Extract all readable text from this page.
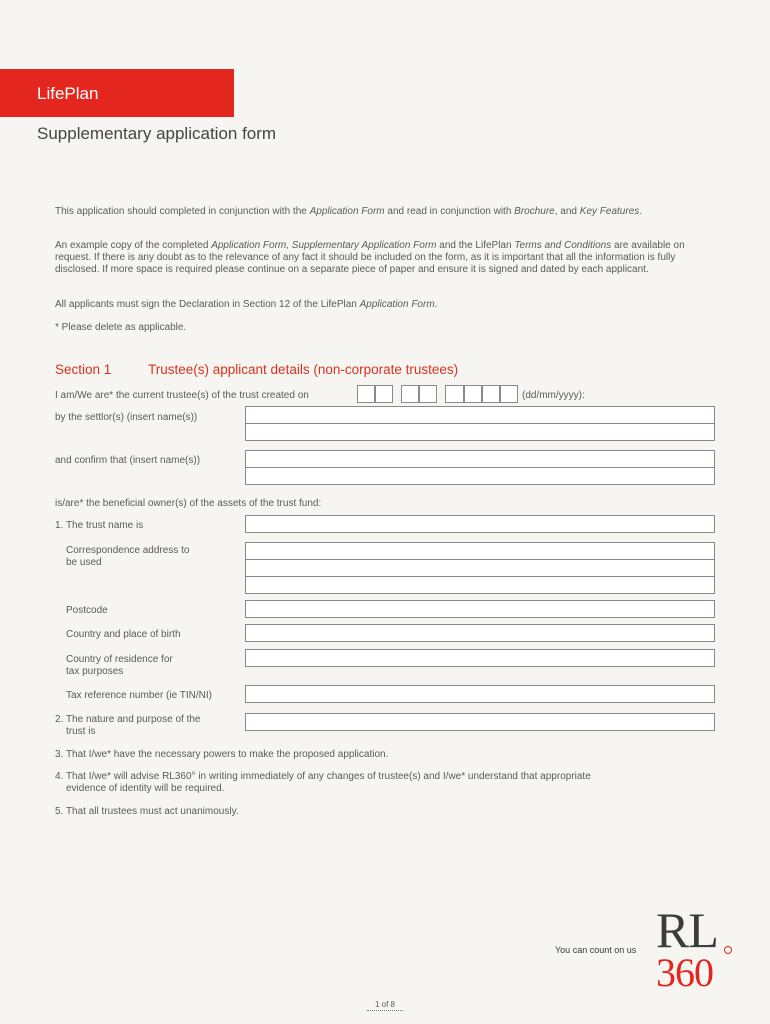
LifePlan
Supplementary application form
This application should completed in conjunction with the Application Form and read in conjunction with Brochure, and Key Features.
An example copy of the completed Application Form, Supplementary Application Form and the LifePlan Terms and Conditions are available on request. If there is any doubt as to the relevance of any fact it should be included on the form, as it is important that all the information is fully disclosed. If more space is required please continue on a separate piece of paper and ensure it is signed and dated by each applicant.
All applicants must sign the Declaration in Section 12 of the LifePlan Application Form.
* Please delete as applicable.
Section 1	Trustee(s) applicant details (non-corporate trustees)
I am/We are* the current trustee(s) of the trust created on	(dd/mm/yyyy):
by the settlor(s) (insert name(s))
and confirm that (insert name(s))
is/are* the beneficial owner(s) of the assets of the trust fund:
1. The trust name is
Correspondence address to
be used
Postcode
Country and place of birth
Country of residence for
tax purposes
Tax reference number (ie TIN/NI)
2. The nature and purpose of the
trust is
3. That I/we* have the necessary powers to make the proposed application.
4. That I/we* will advise RL360° in writing immediately of any changes of trustee(s) and I/we* understand that appropriate
evidence of identity will be required.
5. That all trustees must act unanimously.
You can count on us RL
360
1 of 8
